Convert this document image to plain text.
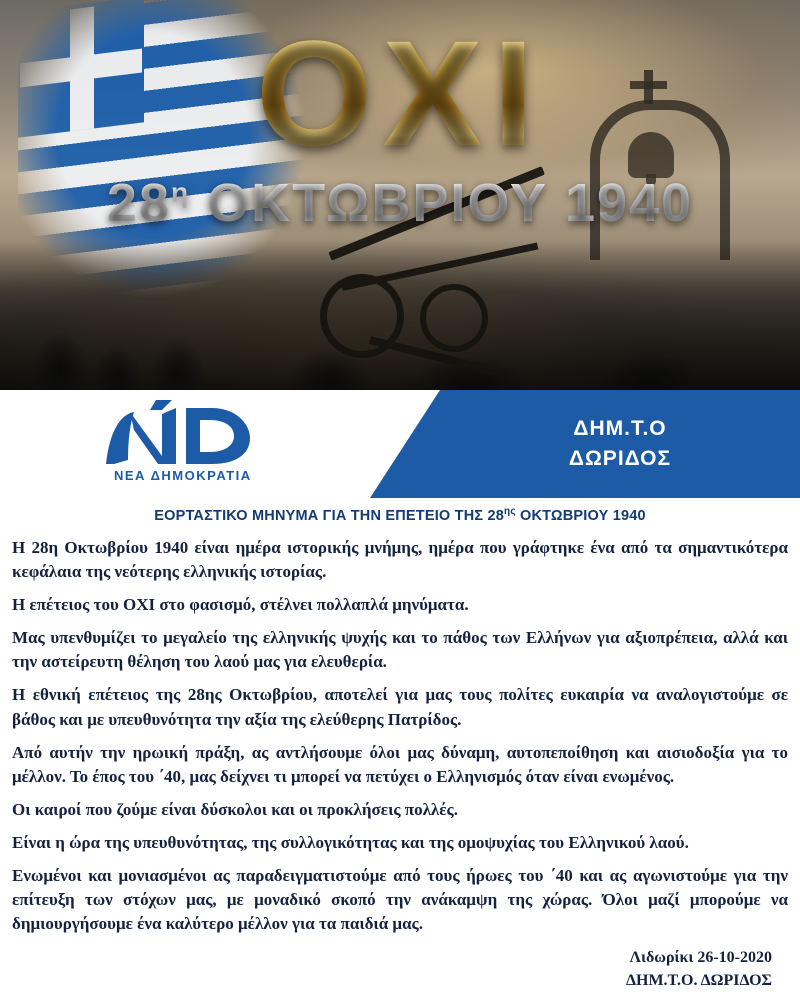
ΔΗΜ.Τ.Ο
ΔΩΡΙΔΟΣ
ΝΕΑ ΔΗΜΟΚΡΑΤΙΑ
ΕΟΡΤΑΣΤΙΚΟ ΜΗΝΥΜΑ ΓΙΑ ΤΗΝ ΕΠΕΤΕΙΟ ΤΗΣ $28^{\eta\varsigma}$ ΟΚΤΩΒΡΙΟΥ 1940

Η 28η Οκτωβρίου 1940 είναι ημέρα ιστορικής μνήμης, ημέρα που γράφτηκε ένα από τα σημαντικότερα κεφάλαια της νεότερης ελληνικής ιστορίας.

Η επέτειος του ΟΧΙ στο φασισμό, στέλνει πολλαπλά μηνύματα.

Μας υπενθυμίζει το μεγαλείο της ελληνικής ψυχής και το πάθος των Ελλήνων για αξιοπρέπεια, αλλά και την αστείρευτη θέληση του λαού μας για ελευθερία.

Η εθνική επέτειος της 28ης Οκτωβρίου, αποτελεί για μας τους πολίτες ευκαιρία να αναλογιστούμε σε βάθος και με υπευθυνότητα την αξία της ελεύθερης Πατρίδος.

Από αυτήν την ηρωική πράξη, ας αντλήσουμε όλοι μας δύναμη, αυτοπεποίθηση και αισιοδοξία για το μέλλον. Το έπος του ΄40, μας δείχνει τι μπορεί να πετύχει ο Ελληνισμός όταν είναι ενωμένος.

Οι καιροί που ζούμε είναι δύσκολοι και οι προκλήσεις πολλές.

Είναι η ώρα της υπευθυνότητας, της συλλογικότητας και της ομοψυχίας του Ελληνικού λαού.

Ενωμένοι και μονιασμένοι ας παραδειγματιστούμε από τους ήρωες του ΄40 και ας αγωνιστούμε για την επίτευξη των στόχων μας, με μοναδικό σκοπό την ανάκαμψη της χώρας. Όλοι μαζί μπορούμε να δημιουργήσουμε ένα καλύτερο μέλλον για τα παιδιά μας.

Λιδωρίκι 26-10-2020
ΔΗΜ.Τ.Ο. ΔΩΡΙΔΟΣ
